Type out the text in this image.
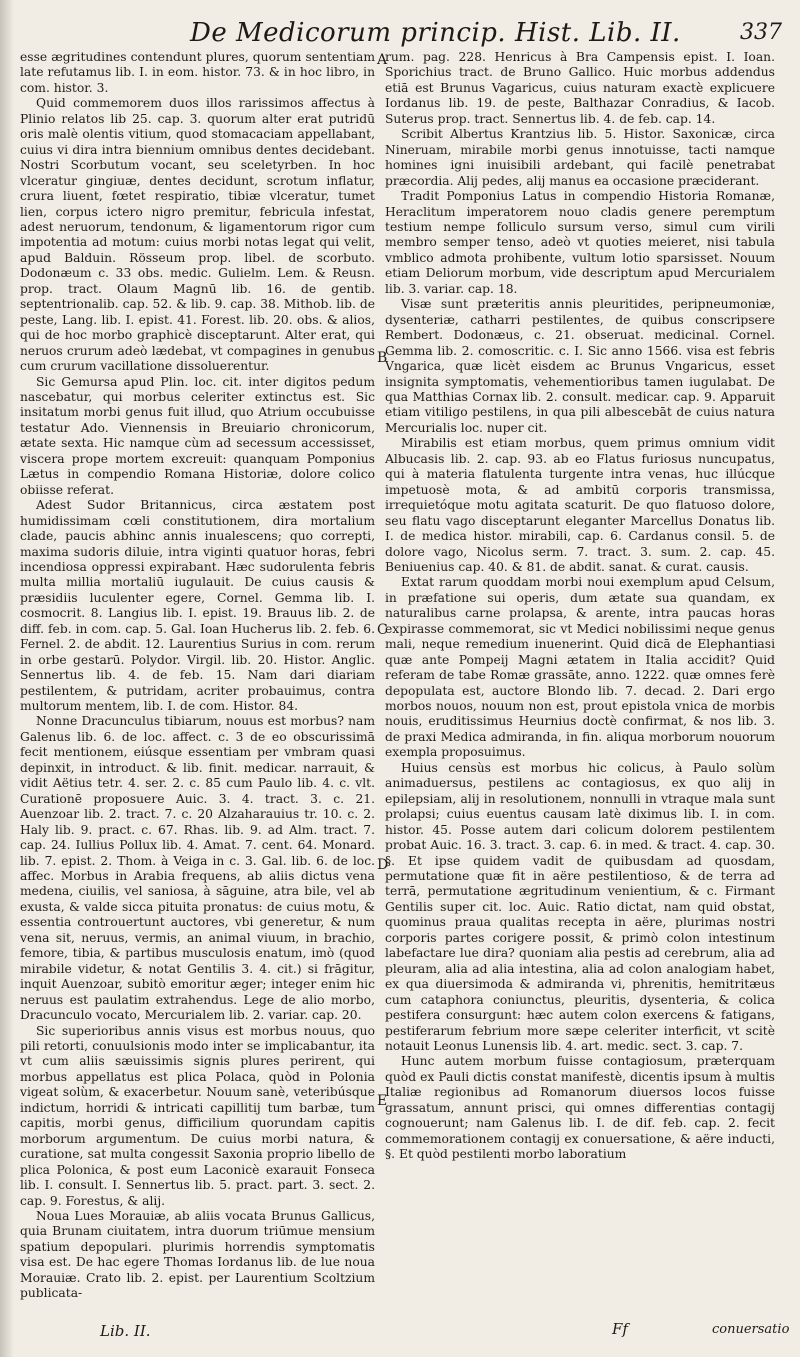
De Medicorum princip. Hist. Lib. II.	337

esse ægritudines contendunt plures, quorum sententiam late refutamus lib. I. in eom. histor. 73. & in hoc libro, in com. histor. 3.

Quid commemorem duos illos rarissimos affectus à Plinio relatos lib 25. cap. 3. quorum alter erat putridū oris malè olentis vitium, quod stomacaciam appellabant, cuius vi dira intra biennium omnibus dentes decidebant. Nostri Scorbutum vocant, seu sceletyrben. In hoc vlceratur gingiuæ, dentes decidunt, scrotum inflatur, crura liuent, fœtet respiratio, tibiæ vlceratur, tumet lien, corpus ictero nigro premitur, febricula infestat, adest neruorum, tendonum, & ligamentorum rigor cum impotentia ad motum: cuius morbi notas legat qui velit, apud Balduin. Rösseum prop. libel. de scorbuto. Dodonæum c. 33 obs. medic. Gulielm. Lem. & Reusn. prop. tract. Olaum Magnū lib. 16. de gentib. septentrionalib. cap. 52. & lib. 9. cap. 38. Mithob. lib. de peste, Lang. lib. I. epist. 41. Forest. lib. 20. obs. & alios, qui de hoc morbo graphicè disceptarunt. Alter erat, qui neruos crurum adeò lædebat, vt compagines in genubus cum crurum vacillatione dissoluerentur.

Sic Gemursa apud Plin. loc. cit. inter digitos pedum nascebatur, qui morbus celeriter extinctus est. Sic insitatum morbi genus fuit illud, quo Atrium occubuisse testatur Ado. Viennensis in Breuiario chronicorum, ætate sexta. Hic namque cùm ad secessum accessisset, viscera prope mortem excreuit: quanquam Pomponius Lætus in compendio Romana Historiæ, dolore colico obiisse referat.

Adest Sudor Britannicus, circa æstatem post humidissimam cœli constitutionem, dira mortalium clade, paucis abhinc annis inualescens; quo correpti, maxima sudoris diluie, intra viginti quatuor horas, febri incendiosa oppressi expirabant. Hæc sudorulenta febris multa millia mortaliū iugulauit. De cuius causis & præsidiis luculenter egere, Cornel. Gemma lib. I. cosmocrit. 8. Langius lib. I. epist. 19. Brauus lib. 2. de diff. feb. in com. cap. 5. Gal. Ioan Hucherus lib. 2. feb. 6. Fernel. 2. de abdit. 12. Laurentius Surius in com. rerum in orbe gestarū. Polydor. Virgil. lib. 20. Histor. Anglic. Sennertus lib. 4. de feb. 15. Nam dari diariam pestilentem, & putridam, acriter probauimus, contra multorum mentem, lib. I. de com. Histor. 84.

Nonne Dracunculus tibiarum, nouus est morbus? nam Galenus lib. 6. de loc. affect. c. 3 de eo obscurissimā fecit mentionem, eiúsque essentiam per vmbram quasi depinxit, in introduct. & lib. finit. medicar. narrauit, & vidit Aëtius tetr. 4. ser. 2. c. 85 cum Paulo lib. 4. c. vlt. Curationē proposuere Auic. 3. 4. tract. 3. c. 21. Auenzoar lib. 2. tract. 7. c. 20 Alzaharauius tr. 10. c. 2. Haly lib. 9. pract. c. 67. Rhas. lib. 9. ad Alm. tract. 7. cap. 24. Iullius Pollux lib. 4. Amat. 7. cent. 64. Monard. lib. 7. epist. 2. Thom. à Veiga in c. 3. Gal. lib. 6. de loc. affec. Morbus in Arabia frequens, ab aliis dictus vena medena, ciuilis, vel saniosa, à sāguine, atra bile, vel ab exusta, & valde sicca pituita pronatus: de cuius motu, & essentia controuertunt auctores, vbi generetur, & num vena sit, neruus, vermis, an animal viuum, in brachio, femore, tibia, & partibus musculosis enatum, imò (quod mirabile videtur, & notat Gentilis 3. 4. cit.) si frāgitur, inquit Auenzoar, subitò emoritur æger; integer enim hic neruus est paulatim extrahendus. Lege de alio morbo, Dracunculo vocato, Mercurialem lib. 2. variar. cap. 20.

Sic superioribus annis visus est morbus nouus, quo pili retorti, conuulsionis modo inter se implicabantur, ita vt cum aliis sæuissimis signis plures perirent, qui morbus appellatus est plica Polaca, quòd in Polonia vigeat solùm, & exacerbetur. Nouum sanè, veteribúsque indictum, horridi & intricati capillitij tum barbæ, tum capitis, morbi genus, difficilium quorundam capitis morborum argumentum. De cuius morbi natura, & curatione, sat multa congessit Saxonia proprio libello de plica Polonica, & post eum Laconicè exarauit Fonseca lib. I. consult. I. Sennertus lib. 5. pract. part. 3. sect. 2. cap. 9. Forestus, & alij.

Noua Lues Morauiæ, ab aliis vocata Brunus Gallicus, quia Brunam ciuitatem, intra duorum triūmue mensium spatium depopulari. plurimis horrendis symptomatis visa est. De hac egere Thomas Iordanus lib. de lue noua Morauiæ. Crato lib. 2. epist. per Laurentium Scoltzium publicata-

A
B
C
D
E

rum. pag. 228. Henricus à Bra Campensis epist. I. Ioan. Sporichius tract. de Bruno Gallico. Huic morbus addendus etiā est Brunus Vagaricus, cuius naturam exactè explicuere Iordanus lib. 19. de peste, Balthazar Conradius, & Iacob. Suterus prop. tract. Sennertus lib. 4. de feb. cap. 14.

Scribit Albertus Krantzius lib. 5. Histor. Saxonicæ, circa Nineruam, mirabile morbi genus innotuisse, tacti namque homines igni inuisibili ardebant, qui facilè penetrabat præcordia. Alij pedes, alij manus ea occasione præciderant.

Tradit Pomponius Latus in compendio Historia Romanæ, Heraclitum imperatorem nouo cladis genere peremptum testium nempe folliculo sursum verso, simul cum virili membro semper tenso, adeò vt quoties meieret, nisi tabula vmblico admota prohibente, vultum lotio sparsisset. Nouum etiam Deliorum morbum, vide descriptum apud Mercurialem lib. 3. variar. cap. 18.

Visæ sunt præteritis annis pleuritides, peripneumoniæ, dysenteriæ, catharri pestilentes, de quibus conscripsere Rembert. Dodonæus, c. 21. obseruat. medicinal. Cornel. Gemma lib. 2. comoscritic. c. I. Sic anno 1566. visa est febris Vngarica, quæ licèt eisdem ac Brunus Vngaricus, esset insignita symptomatis, vehementioribus tamen iugulabat. De qua Matthias Cornax lib. 2. consult. medicar. cap. 9. Apparuit etiam vitiligo pestilens, in qua pili albescebāt de cuius natura Mercurialis loc. nuper cit.

Mirabilis est etiam morbus, quem primus omnium vidit Albucasis lib. 2. cap. 93. ab eo Flatus furiosus nuncupatus, qui à materia flatulenta turgente intra venas, huc illúcque impetuosè mota, & ad ambitū corporis transmissa, irrequietóque motu agitata scaturit. De quo flatuoso dolore, seu flatu vago disceptarunt eleganter Marcellus Donatus lib. I. de medica histor. mirabili, cap. 6. Cardanus consil. 5. de dolore vago, Nicolus serm. 7. tract. 3. sum. 2. cap. 45. Beniuenius cap. 40. & 81. de abdit. sanat. & curat. causis.

Extat rarum quoddam morbi noui exemplum apud Celsum, in præfatione sui operis, dum ætate sua quandam, ex naturalibus carne prolapsa, & arente, intra paucas horas expirasse commemorat, sic vt Medici nobilissimi neque genus mali, neque remedium inuenerint. Quid dicā de Elephantiasi quæ ante Pompeij Magni ætatem in Italia accidit? Quid referam de tabe Romæ grassāte, anno. 1222. quæ omnes ferè depopulata est, auctore Blondo lib. 7. decad. 2. Dari ergo morbos nouos, nouum non est, prout epistola vnica de morbis nouis, eruditissimus Heurnius doctè confirmat, & nos lib. 3. de praxi Medica admiranda, in fin. aliqua morborum nouorum exempla proposuimus.

Huius censùs est morbus hic colicus, à Paulo solùm animaduersus, pestilens ac contagiosus, ex quo alij in epilepsiam, alij in resolutionem, nonnulli in vtraque mala sunt prolapsi; cuius euentus causam latè diximus lib. I. in com. histor. 45. Posse autem dari colicum dolorem pestilentem probat Auic. 16. 3. tract. 3. cap. 6. in med. & tract. 4. cap. 30. §. Et ipse quidem vadit de quibusdam ad quosdam, permutatione quæ fit in aëre pestilentioso, & de terra ad terrā, permutatione ægritudinum venientium, & c. Firmant Gentilis super cit. loc. Auic. Ratio dictat, nam quid obstat, quominus praua qualitas recepta in aëre, plurimas nostri corporis partes corigere possit, & primò colon intestinum labefactare lue dira? quoniam alia pestis ad cerebrum, alia ad pleuram, alia ad alia intestina, alia ad colon analogiam habet, ex qua diuersimoda & admiranda vi, phrenitis, hemitritæus cum cataphora coniunctus, pleuritis, dysenteria, & colica pestifera consurgunt: hæc autem colon exercens & fatigans, pestiferarum febrium more sæpe celeriter interficit, vt scitè notauit Leonus Lunensis lib. 4. art. medic. sect. 3. cap. 7.

Hunc autem morbum fuisse contagiosum, præterquam quòd ex Pauli dictis constat manifestè, dicentis ipsum à multis Italiæ regionibus ad Romanorum diuersos locos fuisse grassatum, annunt prisci, qui omnes differentias contagij cognouerunt; nam Galenus lib. I. de dif. feb. cap. 2. fecit commemorationem contagij ex conuersatione, & aëre inducti, §. Et quòd pestilenti morbo laboratium

Lib. II.	Ff	conuersatio
